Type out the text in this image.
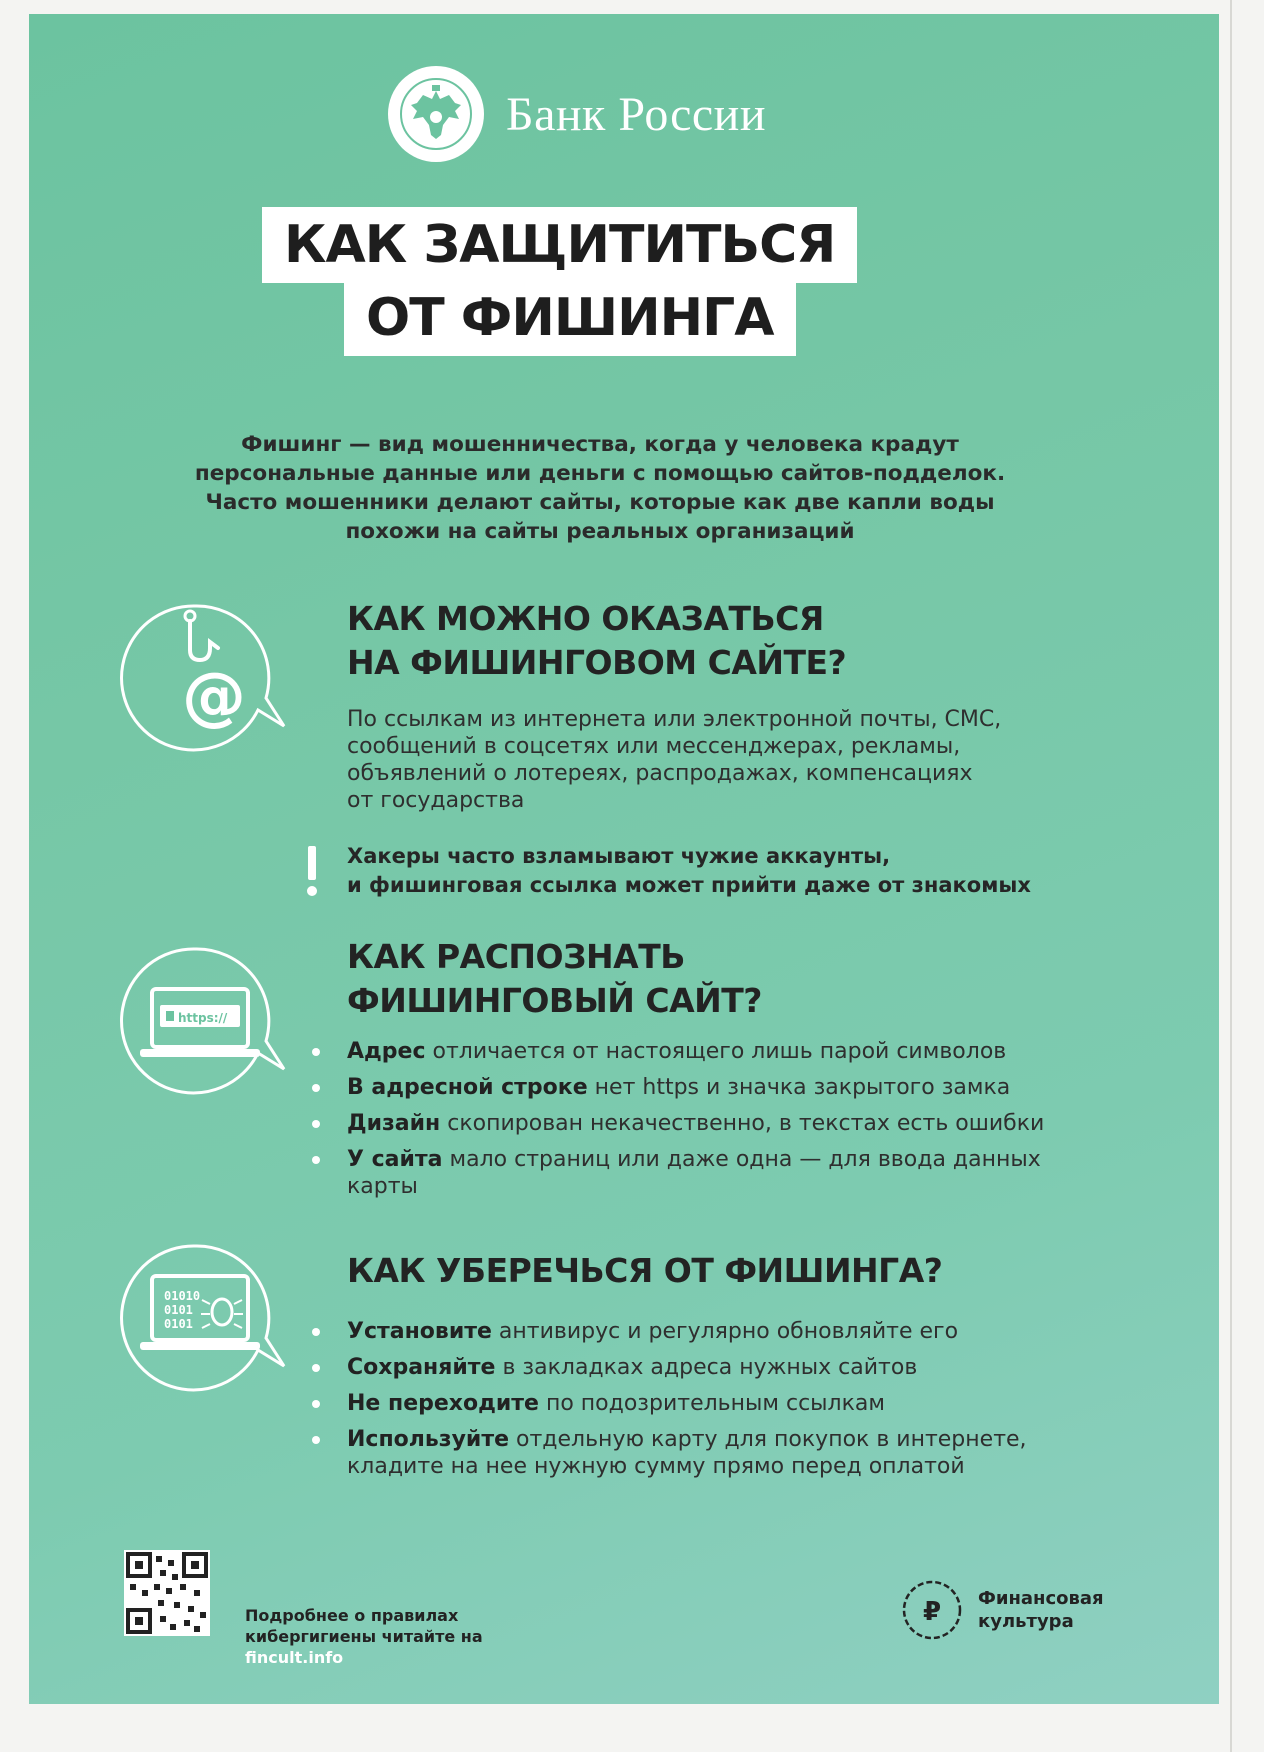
Банк России
КАК ЗАЩИТИТЬСЯ
ОТ ФИШИНГА
Фишинг — вид мошенничества, когда у человека крадут
персональные данные или деньги с помощью сайтов-подделок.
Часто мошенники делают сайты, которые как две капли воды
похожи на сайты реальных организаций
@
КАК МОЖНО ОКАЗАТЬСЯ
НА ФИШИНГОВОМ САЙТЕ?
По ссылкам из интернета или электронной почты, СМС,
сообщений в соцсетях или мессенджерах, рекламы,
объявлений о лотереях, распродажах, компенсациях
от государства
Хакеры часто взламывают чужие аккаунты,
и фишинговая ссылка может прийти даже от знакомых
https://
КАК РАСПОЗНАТЬ
ФИШИНГОВЫЙ САЙТ?
Адрес отличается от настоящего лишь парой символов
В адресной строке нет https и значка закрытого замка
Дизайн скопирован некачественно, в текстах есть ошибки
У сайта мало страниц или даже одна — для ввода данных
карты
01010
0101
0101
КАК УБЕРЕЧЬСЯ ОТ ФИШИНГА?
Установите антивирус и регулярно обновляйте его
Сохраняйте в закладках адреса нужных сайтов
Не переходите по подозрительным ссылкам
Используйте отдельную карту для покупок в интернете,
кладите на нее нужную сумму прямо перед оплатой
Подробнее о правилах
кибергигиены читайте на
fincult.info
₽ Финансовая
культура
